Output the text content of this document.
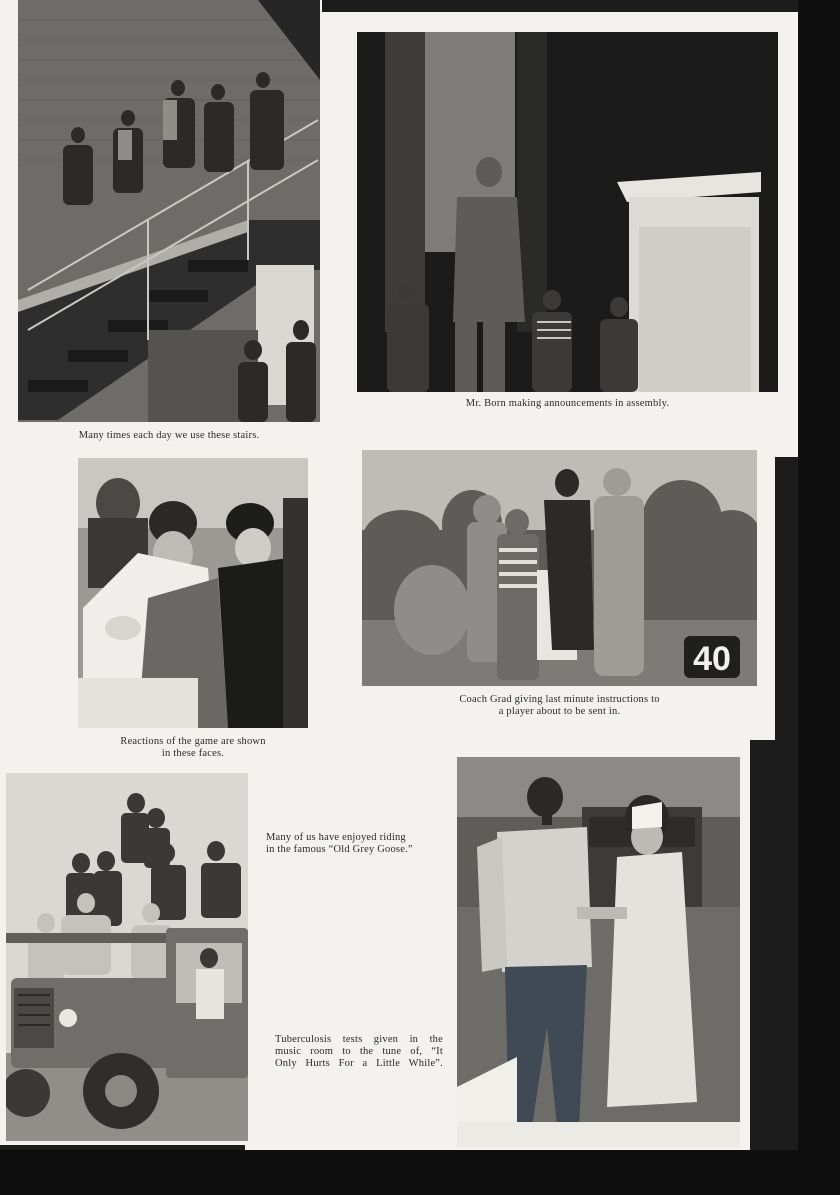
Many times each day we use these stairs.
Mr. Born making announcements in assembly.
Reactions of the game are shown
in these faces.
40
Coach Grad giving last minute instructions to
a player about to be sent in.
Many of us have enjoyed riding
in the famous “Old Grey Goose.”
Tuberculosis tests given in the
music room to the tune of, “It
Only Hurts For a Little While”.
